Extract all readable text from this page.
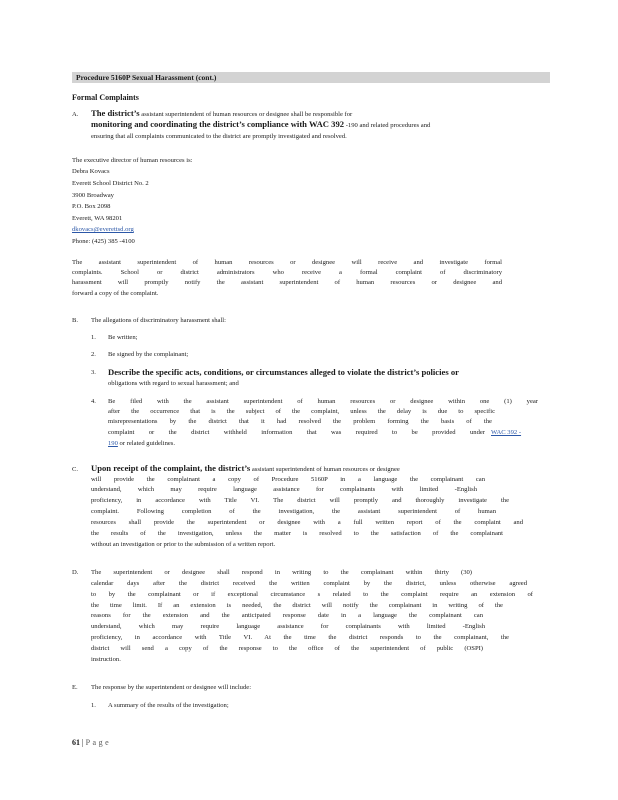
Procedure 5160P Sexual Harassment (cont.)
Formal Complaints
A. The district’s assistant superintendent of human resources or designee shall be responsible for
monitoring and coordinating the district’s compliance with WAC 392 -190 and related procedures and
ensuring that all complaints communicated to the district are promptly investigated and resolved.
The executive director of human resources is:
Debra Kovacs
Everett School District No. 2
3900 Broadway
P.O. Box 2098
Everett, WA 98201
dkovacs@everettsd.org
Phone: (425) 385 -4100
The assistant superintendent of human resources or designee will receive and investigate formal
complaints. School or district administrators who receive a formal complaint of discriminatory
harassment will promptly notify the assistant superintendent of human resources or designee and
forward a copy of the complaint.
B. The allegations of discriminatory harassment shall:
1. Be written;
2. Be signed by the complainant;
3. Describe the specific acts, conditions, or circumstances alleged to violate the district’s policies or
obligations with regard to sexual harassment; and
4. Be filed with the assistant superintendent of human resources or designee within one (1) year
after the occurrence that is the subject of the complaint, unless the delay is due to specific
misrepresentations by the district that it had resolved the problem forming the basis of the
complaint or the district withheld information that was required to be provided under WAC 392 -
190 or related guidelines.
C. Upon receipt of the complaint, the district’s assistant superintendent of human resources or designee
will provide the complainant a copy of Procedure 5160P in a language the complainant can
understand, which may require language assistance for complainants with limited -English
proficiency, in accordance with Title VI. The district will promptly and thoroughly investigate the
complaint. Following completion of the investigation, the assistant superintendent of human
resources shall provide the superintendent or designee with a full written report of the complaint and
the results of the investigation, unless the matter is resolved to the satisfaction of the complainant
without an investigation or prior to the submission of a written report.
D. The superintendent or designee shall respond in writing to the complainant within thirty (30)
calendar days after the district received the written complaint by the district, unless otherwise agreed
to by the complainant or if exceptional circumstance s related to the complaint require an extension of
the time limit. If an extension is needed, the district will notify the complainant in writing of the
reasons for the extension and the anticipated response date in a language the complainant can
understand, which may require language assistance for complainants with limited -English
proficiency, in accordance with Title VI. At the time the district responds to the complainant, the
district will send a copy of the response to the office of the superintendent of public (OSPI)
instruction.
E. The response by the superintendent or designee will include:
1. A summary of the results of the investigation;
61 | Page
